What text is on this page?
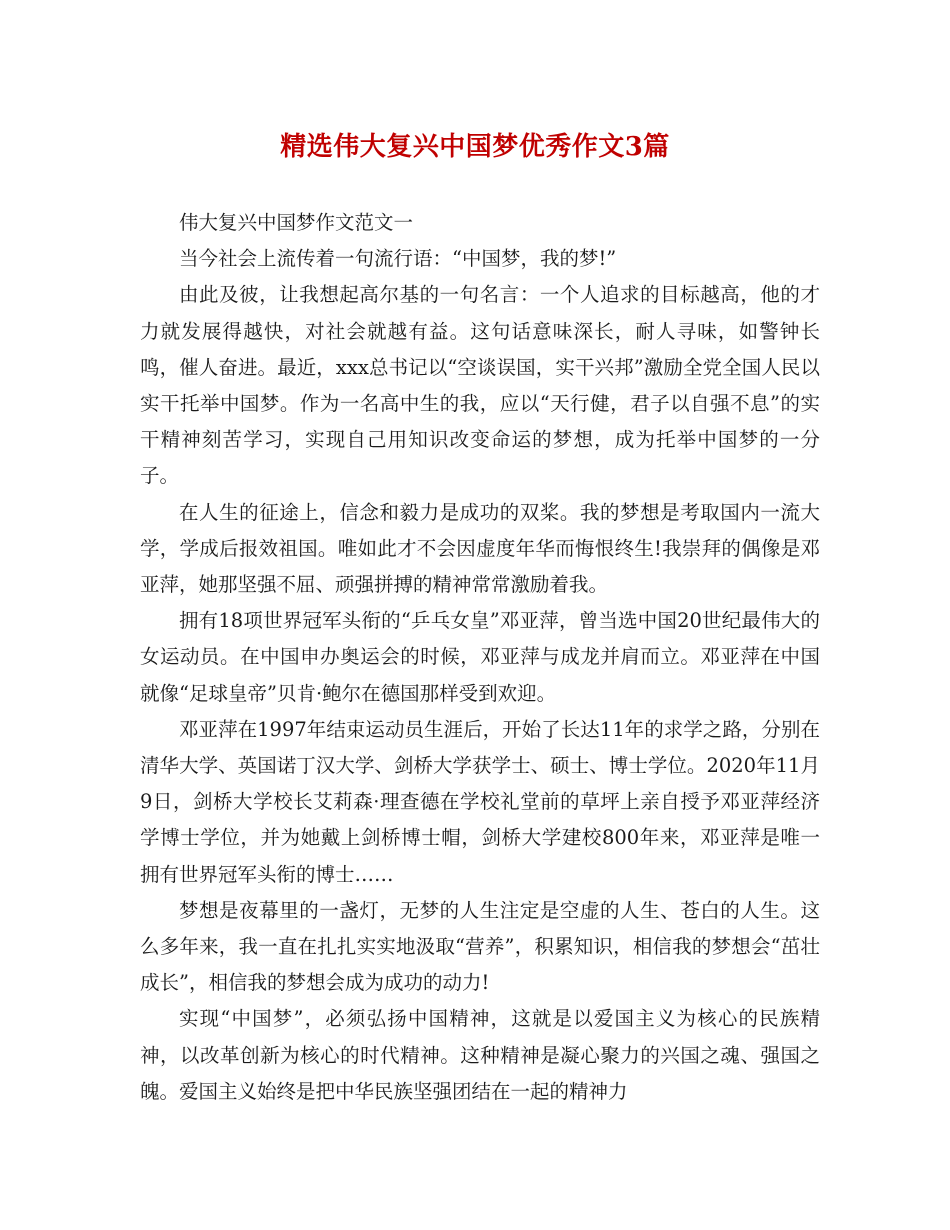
精选伟大复兴中国梦优秀作文3篇

伟大复兴中国梦作文范文一

当今社会上流传着一句流行语：“中国梦，我的梦!”

由此及彼，让我想起高尔基的一句名言：一个人追求的目标越高，他的才力就发展得越快，对社会就越有益。这句话意味深长，耐人寻味，如警钟长鸣，催人奋进。最近，xxx总书记以“空谈误国，实干兴邦”激励全党全国人民以实干托举中国梦。作为一名高中生的我，应以“天行健，君子以自强不息”的实干精神刻苦学习，实现自己用知识改变命运的梦想，成为托举中国梦的一分子。

在人生的征途上，信念和毅力是成功的双桨。我的梦想是考取国内一流大学，学成后报效祖国。唯如此才不会因虚度年华而悔恨终生!我崇拜的偶像是邓亚萍，她那坚强不屈、顽强拼搏的精神常常激励着我。

拥有18项世界冠军头衔的“乒乓女皇”邓亚萍，曾当选中国20世纪最伟大的女运动员。在中国申办奥运会的时候，邓亚萍与成龙并肩而立。邓亚萍在中国就像“足球皇帝”贝肯·鲍尔在德国那样受到欢迎。

邓亚萍在1997年结束运动员生涯后，开始了长达11年的求学之路，分别在清华大学、英国诺丁汉大学、剑桥大学获学士、硕士、博士学位。2020年11月9日，剑桥大学校长艾莉森·理查德在学校礼堂前的草坪上亲自授予邓亚萍经济学博士学位，并为她戴上剑桥博士帽，剑桥大学建校800年来，邓亚萍是唯一拥有世界冠军头衔的博士……

梦想是夜幕里的一盏灯，无梦的人生注定是空虚的人生、苍白的人生。这么多年来，我一直在扎扎实实地汲取“营养”，积累知识，相信我的梦想会“茁壮成长”，相信我的梦想会成为成功的动力!

实现“中国梦”，必须弘扬中国精神，这就是以爱国主义为核心的民族精神，以改革创新为核心的时代精神。这种精神是凝心聚力的兴国之魂、强国之魄。爱国主义始终是把中华民族坚强团结在一起的精神力
